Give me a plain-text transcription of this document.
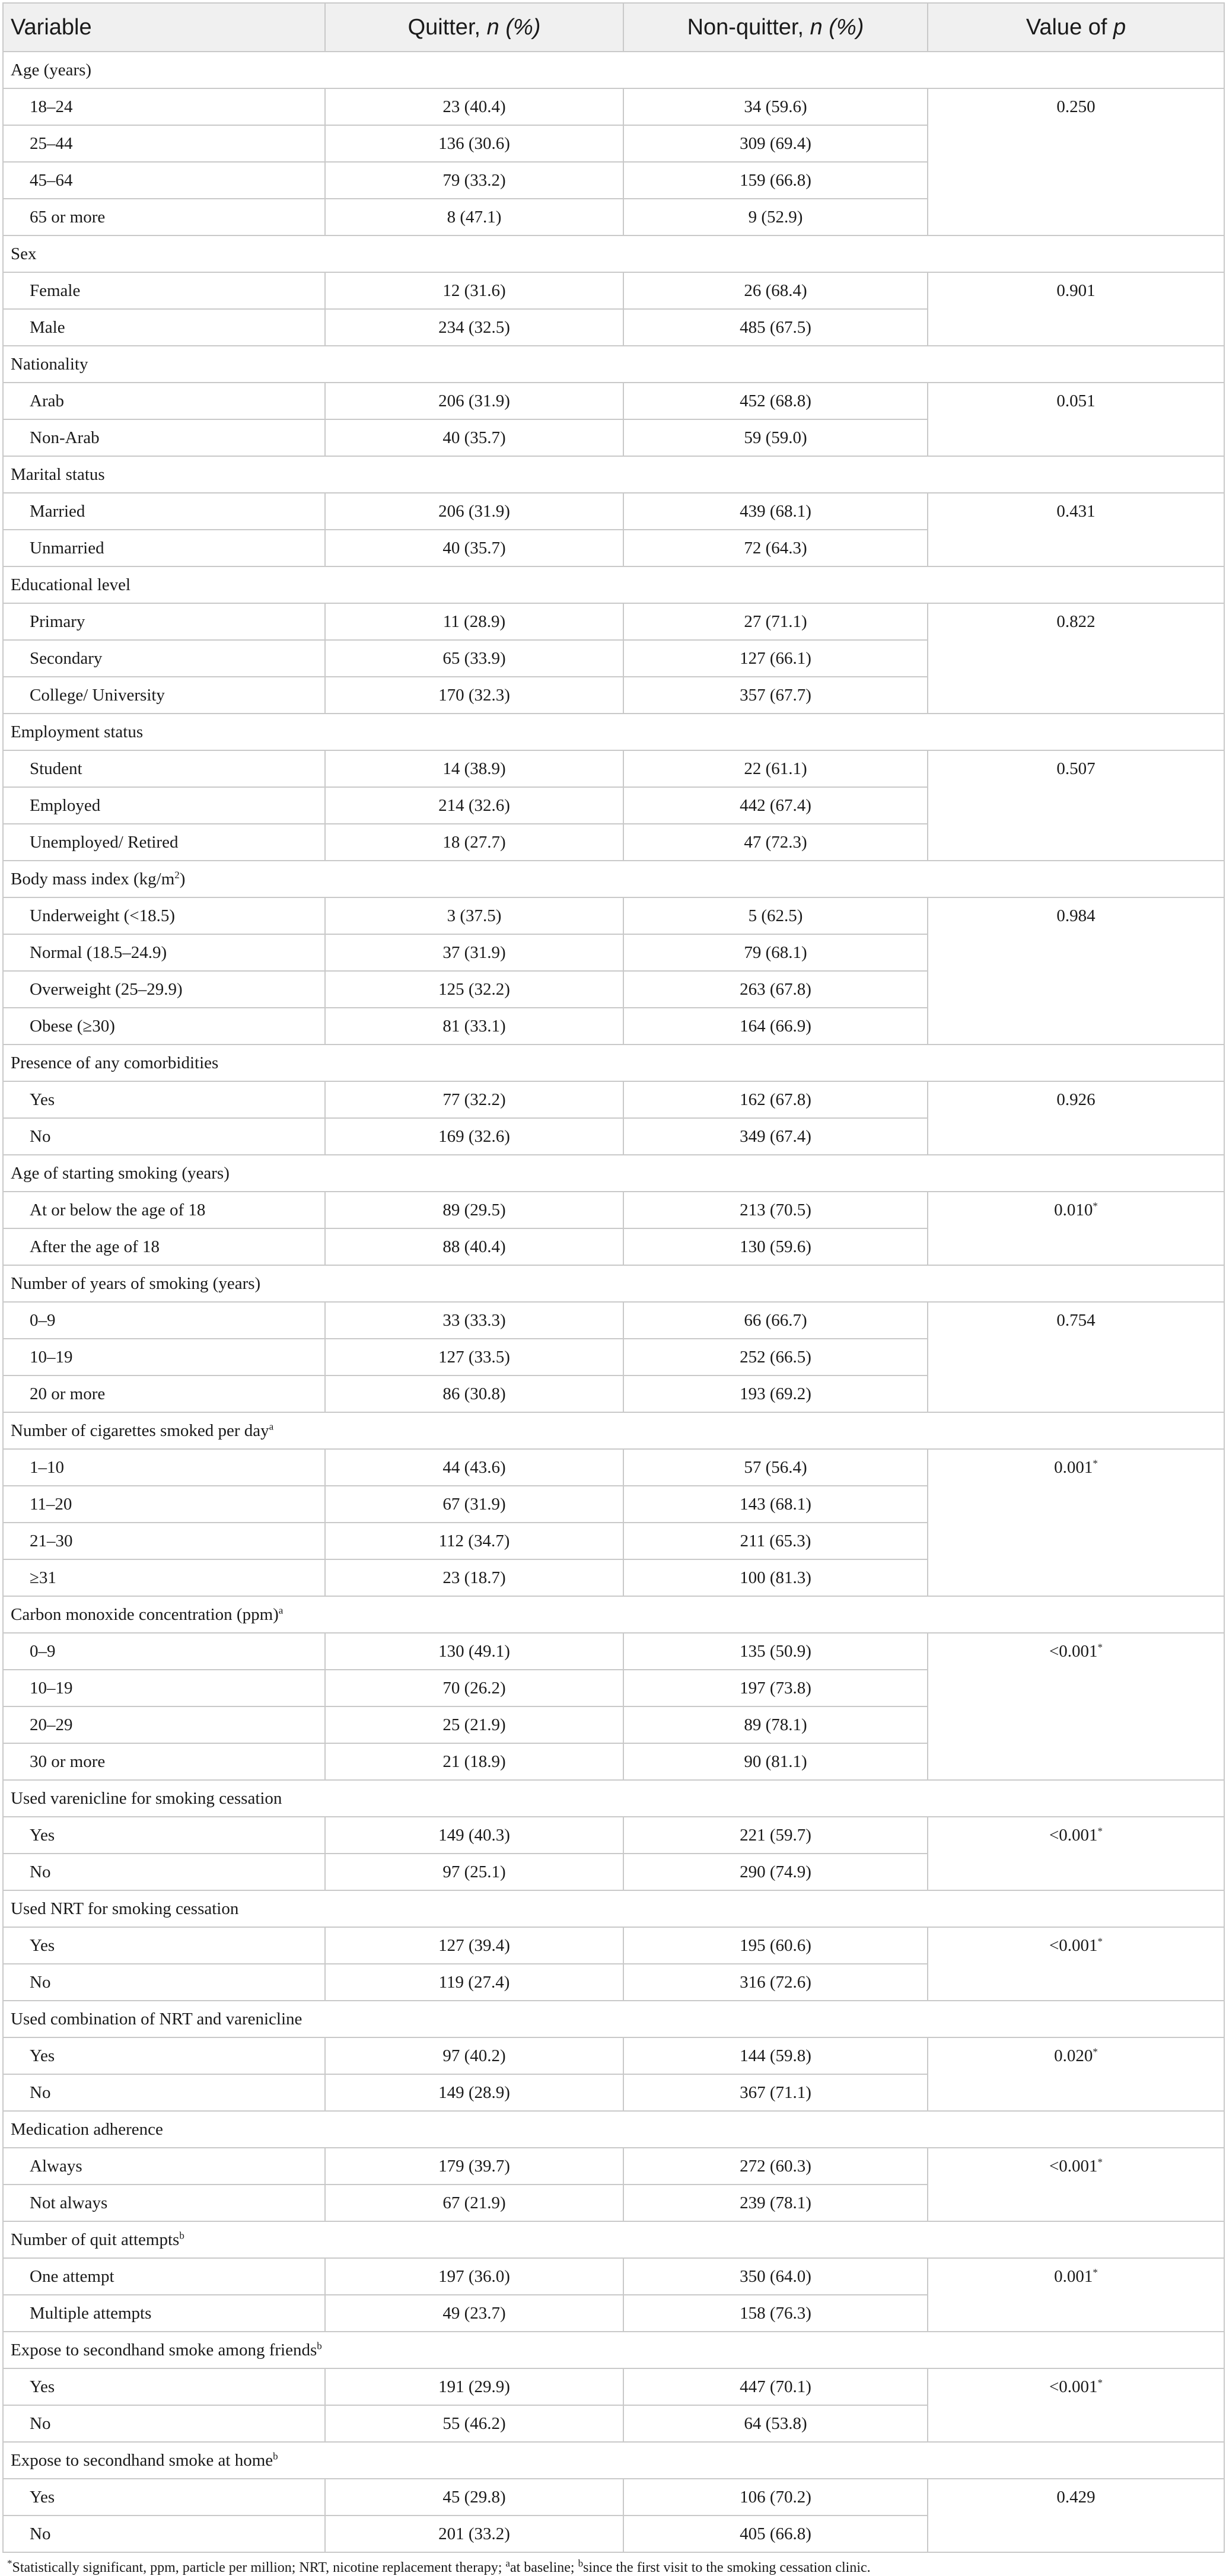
Variable	Quitter, n (%)	Non-quitter, n (%)	Value of p
Age (years)			
18–24	23 (40.4)	34 (59.6)	0.250
25–44	136 (30.6)	309 (69.4)	
45–64	79 (33.2)	159 (66.8)	
65 or more	8 (47.1)	9 (52.9)	
Sex			
Female	12 (31.6)	26 (68.4)	0.901
Male	234 (32.5)	485 (67.5)	
Nationality			
Arab	206 (31.9)	452 (68.8)	0.051
Non-Arab	40 (35.7)	59 (59.0)	
Marital status			
Married	206 (31.9)	439 (68.1)	0.431
Unmarried	40 (35.7)	72 (64.3)	
Educational level			
Primary	11 (28.9)	27 (71.1)	0.822
Secondary	65 (33.9)	127 (66.1)	
College/ University	170 (32.3)	357 (67.7)	
Employment status			
Student	14 (38.9)	22 (61.1)	0.507
Employed	214 (32.6)	442 (67.4)	
Unemployed/ Retired	18 (27.7)	47 (72.3)	
Body mass index $(kg/m^2)$			
Underweight (<18.5)	3 (37.5)	5 (62.5)	0.984
Normal (18.5–24.9)	37 (31.9)	79 (68.1)	
Overweight (25–29.9)	125 (32.2)	263 (67.8)	
Obese (≥30)	81 (33.1)	164 (66.9)	
Presence of any comorbidities			
Yes	77 (32.2)	162 (67.8)	0.926
No	169 (32.6)	349 (67.4)	
Age of starting smoking (years)			
At or below the age of 18	89 (29.5)	213 (70.5)	0.010*
After the age of 18	88 (40.4)	130 (59.6)	
Number of years of smoking (years)			
0–9	33 (33.3)	66 (66.7)	0.754
10–19	127 (33.5)	252 (66.5)	
20 or more	86 (30.8)	193 (69.2)	
Number of cigarettes smoked per day$^a$
1–10	44 (43.6)	57 (56.4)	0.001*
11–20	67 (31.9)	143 (68.1)	
21–30	112 (34.7)	211 (65.3)	
≥31	23 (18.7)	100 (81.3)	
Carbon monoxide concentration (ppm)$^a$
0–9	130 (49.1)	135 (50.9)	<0.001*
10–19	70 (26.2)	197 (73.8)	
20–29	25 (21.9)	89 (78.1)	
30 or more	21 (18.9)	90 (81.1)	
Used varenicline for smoking cessation			
Yes	149 (40.3)	221 (59.7)	<0.001*
No	97 (25.1)	290 (74.9)	
Used NRT for smoking cessation			
Yes	127 (39.4)	195 (60.6)	<0.001*
No	119 (27.4)	316 (72.6)	
Used combination of NRT and varenicline			
Yes	97 (40.2)	144 (59.8)	0.020*
No	149 (28.9)	367 (71.1)	
Medication adherence			
Always	179 (39.7)	272 (60.3)	<0.001*
Not always	67 (21.9)	239 (78.1)	
Number of quit attempts$^b$
One attempt	197 (36.0)	350 (64.0)	0.001*
Multiple attempts	49 (23.7)	158 (76.3)	
Expose to secondhand smoke among friends$^b$
Yes	191 (29.9)	447 (70.1)	<0.001*
No	55 (46.2)	64 (53.8)	
Expose to secondhand smoke at home$^b$
Yes	45 (29.8)	106 (70.2)	0.429
No	201 (33.2)	405 (66.8)	
*Statistically significant, ppm, particle per million; NRT, nicotine replacement therapy; $^a$at baseline; $^b$since the first visit to the smoking cessation clinic.
